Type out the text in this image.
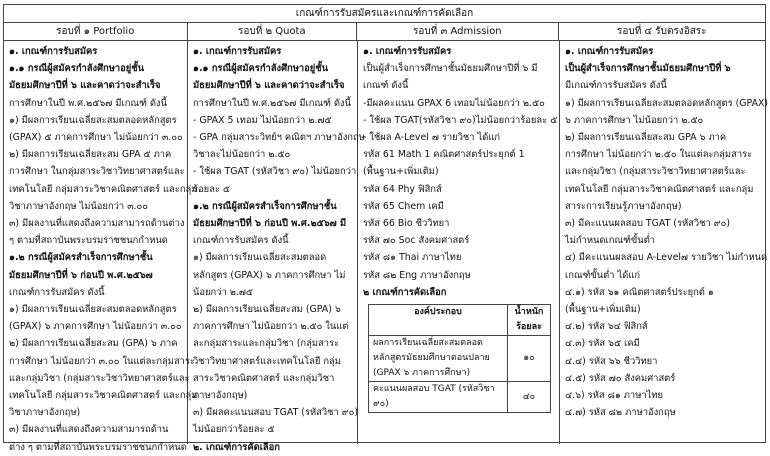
เกณฑ์การรับสมัครและเกณฑ์การคัดเลือก
รอบที่ ๑ Portfolio	รอบที่ ๒ Quota	รอบที่ ๓ Admission	รอบที่ ๔ รับตรงอิสระ
๑. เกณฑ์การรับสมัคร
๑.๑ กรณีผู้สมัครกำลังศึกษาอยู่ชั้น
มัธยมศึกษาปีที่ ๖ และคาดว่าจะสำเร็จ
การศึกษาในปี พ.ศ.๒๕๖๗ มีเกณฑ์ ดังนี้
๑) มีผลการเรียนเฉลี่ยสะสมตลอดหลักสูตร
(GPAX) ๕ ภาคการศึกษา ไม่น้อยกว่า ๓.๐๐
๒) มีผลการเรียนเฉลี่ยสะสม GPA ๕ ภาค
การศึกษา ในกลุ่มสาระวิชาวิทยาศาสตร์และ
เทคโนโลยี กลุ่มสาระวิชาคณิตศาสตร์ และกลุ่ม
วิชาภาษาอังกฤษ ไม่น้อยกว่า ๓.๐๐
๓) มีผลงานที่แสดงถึงความสามารถด้านต่าง
ๆ ตามที่สถาบันพระบรมราชชนกกำหนด
๑.๒ กรณีผู้สมัครสำเร็จการศึกษาชั้น
มัธยมศึกษาปีที่ ๖ ก่อนปี พ.ศ.๒๕๖๗
เกณฑ์การรับสมัคร ดังนี้
๑) มีผลการเรียนเฉลี่ยสะสมตลอดหลักสูตร
(GPAX) ๖ ภาคการศึกษา ไม่น้อยกว่า ๓.๐๐
๒) มีผลการเรียนเฉลี่ยสะสม (GPA) ๖ ภาค
การศึกษา ไม่น้อยกว่า ๓.๐๐ ในแต่ละกลุ่มสาระ
และกลุ่มวิชา (กลุ่มสาระวิชาวิทยาศาสตร์และ
เทคโนโลยี กลุ่มสาระวิชาคณิตศาสตร์ และกลุ่ม
วิชาภาษาอังกฤษ)
๓) มีผลงานที่แสดงถึงความสามารถด้าน
ต่าง ๆ ตามที่สถาบันพระบรมราชชนกกำหนด
๑. เกณฑ์การรับสมัคร
๑.๑ กรณีผู้สมัครกำลังศึกษาอยู่ชั้น
มัธยมศึกษาปีที่ ๖ และคาดว่าจะสำเร็จ
การศึกษาในปี พ.ศ.๒๕๖๗ มีเกณฑ์ ดังนี้
- GPAX 5 เทอม ไม่น้อยกว่า ๒.๗๕
- GPA กลุ่มสาระวิทย์ฯ คณิตฯ ภาษาอังกฤษ
วิชาละไม่น้อยกว่า ๒.๕๐
- ใช้ผล TGAT (รหัสวิชา ๙๐) ไม่น้อยกว่า
ร้อยละ ๕
๑.๒ กรณีผู้สมัครสำเร็จการศึกษาชั้น
มัธยมศึกษาปีที่ ๖ ก่อนปี พ.ศ.๒๕๖๗ มี
เกณฑ์การรับสมัคร ดังนี้
๑) มีผลการเรียนเฉลี่ยสะสมตลอด
หลักสูตร (GPAX) ๖ ภาคการศึกษา ไม่
น้อยกว่า ๒.๗๕
๒) มีผลการเรียนเฉลี่ยสะสม (GPA) ๖
ภาคการศึกษา ไม่น้อยกว่า ๒.๕๐ ในแต่
ละกลุ่มสาระและกลุ่มวิชา (กลุ่มสาระ
วิชาวิทยาศาสตร์และเทคโนโลยี กลุ่ม
สาระวิชาคณิตศาสตร์ และกลุ่มวิชา
ภาษาอังกฤษ)
๓) มีผลคะแนนสอบ TGAT (รหัสวิชา ๙๐)
ไม่น้อยกว่าร้อยละ ๕
๒. เกณฑ์การคัดเลือก
๑. เกณฑ์การรับสมัคร
เป็นผู้สำเร็จการศึกษาชั้นมัธยมศึกษาปีที่ ๖ มี
เกณฑ์ ดังนี้
-มีผลคะแนน GPAX 6 เทอมไม่น้อยกว่า ๒.๕๐
- ใช้ผล TGAT(รหัสวิชา ๙๐)ไม่น้อยกว่าร้อยละ ๕
- ใช้ผล A-Level ๗ รายวิชา ได้แก่
รหัส 61 Math 1 คณิตศาสตร์ประยุกต์ 1
(พื้นฐาน+เพิ่มเติม)
รหัส 64 Phy ฟิสิกส์
รหัส 65 Chem เคมี
รหัส 66 Bio ชีววิทยา
รหัส ๗๐ Soc สังคมศาสตร์
รหัส ๘๑ Thai ภาษาไทย
รหัส ๘๒ Eng ภาษาอังกฤษ
๒ เกณฑ์การคัดเลือก
องค์ประกอบ	น้ำหนัก
ร้อยละ

ผลการเรียนเฉลี่ยสะสมตลอด
หลักสูตรมัธยมศึกษาตอนปลาย
(GPAX ๖ ภาคการศึกษา)	๑๐

คะแนนผลสอบ TGAT (รหัสวิชา
๙๐)	๔๐
๑. เกณฑ์การรับสมัคร
เป็นผู้สำเร็จการศึกษาชั้นมัธยมศึกษาปีที่ ๖
มีเกณฑ์การรับสมัคร ดังนี้
๑) มีผลการเรียนเฉลี่ยสะสมตลอดหลักสูตร (GPAX)
๖ ภาคการศึกษา ไม่น้อยกว่า ๒.๕๐
๒) มีผลการเรียนเฉลี่ยสะสม GPA ๖ ภาค
การศึกษา ไม่น้อยกว่า ๒.๕๐ ในแต่ละกลุ่มสาระ
และกลุ่มวิชา (กลุ่มสาระวิชาวิทยาศาสตร์และ
เทคโนโลยี กลุ่มสาระวิชาคณิตศาสตร์ และกลุ่ม
สาระการเรียนรู้ภาษาอังกฤษ)
๓) มีคะแนนผลสอบ TGAT (รหัสวิชา ๙๐)
ไม่กำหนดเกณฑ์ขั้นต่ำ
๔) มีคะแนนผลสอบ A-Level๗ รายวิชา ไม่กำหนด
เกณฑ์ขั้นต่ำ ได้แก่
๔.๑) รหัส ๖๑ คณิตศาสตร์ประยุกต์ ๑
(พื้นฐาน+เพิ่มเติม)
๔.๒) รหัส ๖๔ ฟิสิกส์
๔.๓) รหัส ๖๕ เคมี
๔.๔) รหัส ๖๖ ชีววิทยา
๔.๕) รหัส ๗๐ สังคมศาสตร์
๔.๖) รหัส ๘๑ ภาษาไทย
๔.๗) รหัส ๘๒ ภาษาอังกฤษ
